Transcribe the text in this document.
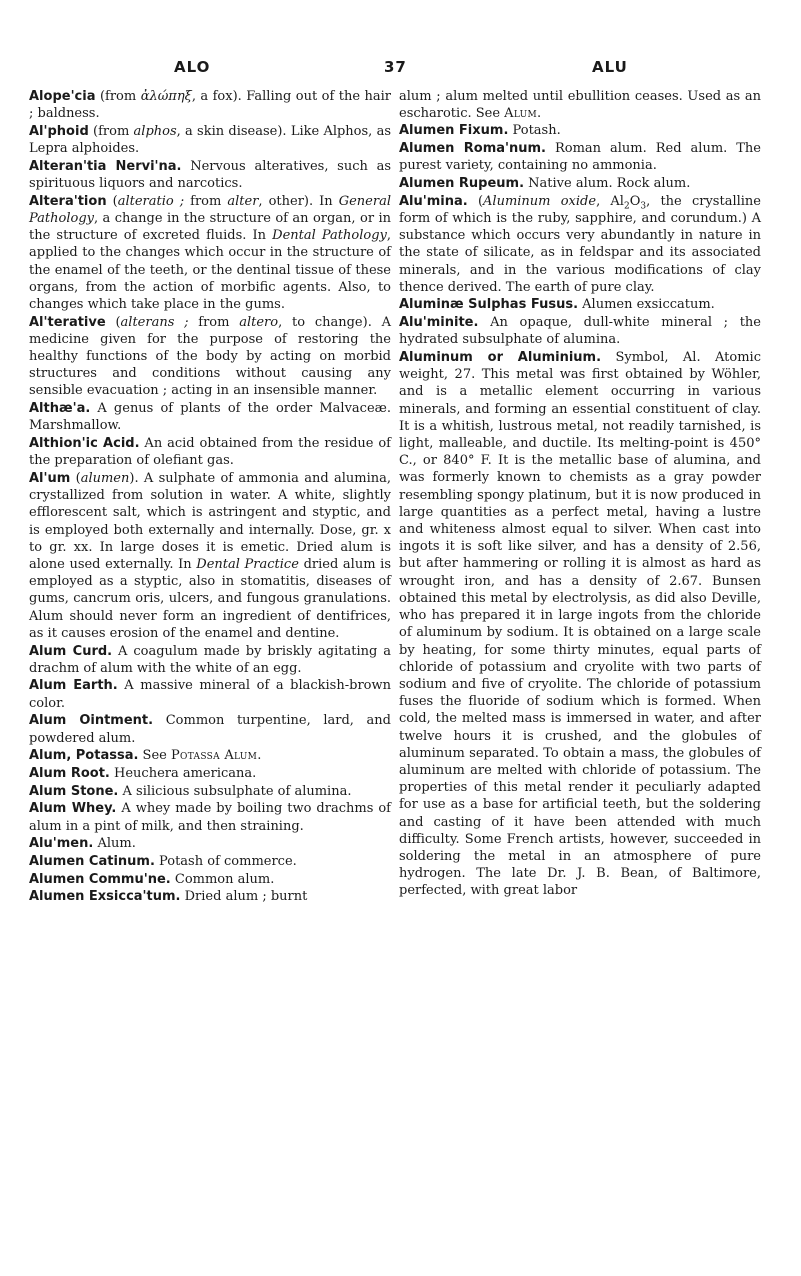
ALO	37	ALU

Alope'cia (from ἀλώπηξ, a fox). Falling out of the hair ; baldness.

Al'phoid (from alphos, a skin disease). Like Alphos, as Lepra alphoides.

Alteran'tia Nervi'na. Nervous alteratives, such as spirituous liquors and narcotics.

Altera'tion (alteratio ; from alter, other). In General Pathology, a change in the structure of an organ, or in the structure of excreted fluids. In Dental Pathology, applied to the changes which occur in the structure of the enamel of the teeth, or the dentinal tissue of these organs, from the action of morbific agents. Also, to changes which take place in the gums.

Al'terative (alterans ; from altero, to change). A medicine given for the purpose of restoring the healthy functions of the body by acting on morbid structures and conditions without causing any sensible evacuation ; acting in an insensible manner.

Althæ'a. A genus of plants of the order Malvaceæ. Marshmallow.

Althion'ic Acid. An acid obtained from the residue of the preparation of olefiant gas.

Al'um (alumen). A sulphate of ammonia and alumina, crystallized from solution in water. A white, slightly efflorescent salt, which is astringent and styptic, and is employed both externally and internally. Dose, gr. x to gr. xx. In large doses it is emetic. Dried alum is alone used externally. In Dental Practice dried alum is employed as a styptic, also in stomatitis, diseases of gums, cancrum oris, ulcers, and fungous granulations. Alum should never form an ingredient of dentifrices, as it causes erosion of the enamel and dentine.

Alum Curd. A coagulum made by briskly agitating a drachm of alum with the white of an egg.

Alum Earth. A massive mineral of a blackish-brown color.

Alum Ointment. Common turpentine, lard, and powdered alum.

Alum, Potassa. See Potassa Alum.

Alum Root. Heuchera americana.

Alum Stone. A silicious subsulphate of alumina.

Alum Whey. A whey made by boiling two drachms of alum in a pint of milk, and then straining.

Alu'men. Alum.

Alumen Catinum. Potash of commerce.

Alumen Commu'ne. Common alum.

Alumen Exsicca'tum. Dried alum ; burnt

alum ; alum melted until ebullition ceases. Used as an escharotic. See Alum.

Alumen Fixum. Potash.

Alumen Roma'num. Roman alum. Red alum. The purest variety, containing no ammonia.

Alumen Rupeum. Native alum. Rock alum.

Alu'mina. (Aluminum oxide, $Al_2O_3$, the crystalline form of which is the ruby, sapphire, and corundum.) A substance which occurs very abundantly in nature in the state of silicate, as in feldspar and its associated minerals, and in the various modifications of clay thence derived. The earth of pure clay.

Aluminæ Sulphas Fusus. Alumen exsiccatum.

Alu'minite. An opaque, dull-white mineral ; the hydrated subsulphate of alumina.

Aluminum or Aluminium. Symbol, Al. Atomic weight, 27. This metal was first obtained by Wöhler, and is a metallic element occurring in various minerals, and forming an essential constituent of clay. It is a whitish, lustrous metal, not readily tarnished, is light, malleable, and ductile. Its melting-point is 450° C., or 840° F. It is the metallic base of alumina, and was formerly known to chemists as a gray powder resembling spongy platinum, but it is now produced in large quantities as a perfect metal, having a lustre and whiteness almost equal to silver. When cast into ingots it is soft like silver, and has a density of 2.56, but after hammering or rolling it is almost as hard as wrought iron, and has a density of 2.67. Bunsen obtained this metal by electrolysis, as did also Deville, who has prepared it in large ingots from the chloride of aluminum by sodium. It is obtained on a large scale by heating, for some thirty minutes, equal parts of chloride of potassium and cryolite with two parts of sodium and five of cryolite. The chloride of potassium fuses the fluoride of sodium which is formed. When cold, the melted mass is immersed in water, and after twelve hours it is crushed, and the globules of aluminum separated. To obtain a mass, the globules of aluminum are melted with chloride of potassium. The properties of this metal render it peculiarly adapted for use as a base for artificial teeth, but the soldering and casting of it have been attended with much difficulty. Some French artists, however, succeeded in soldering the metal in an atmosphere of pure hydrogen. The late Dr. J. B. Bean, of Baltimore, perfected, with great labor
